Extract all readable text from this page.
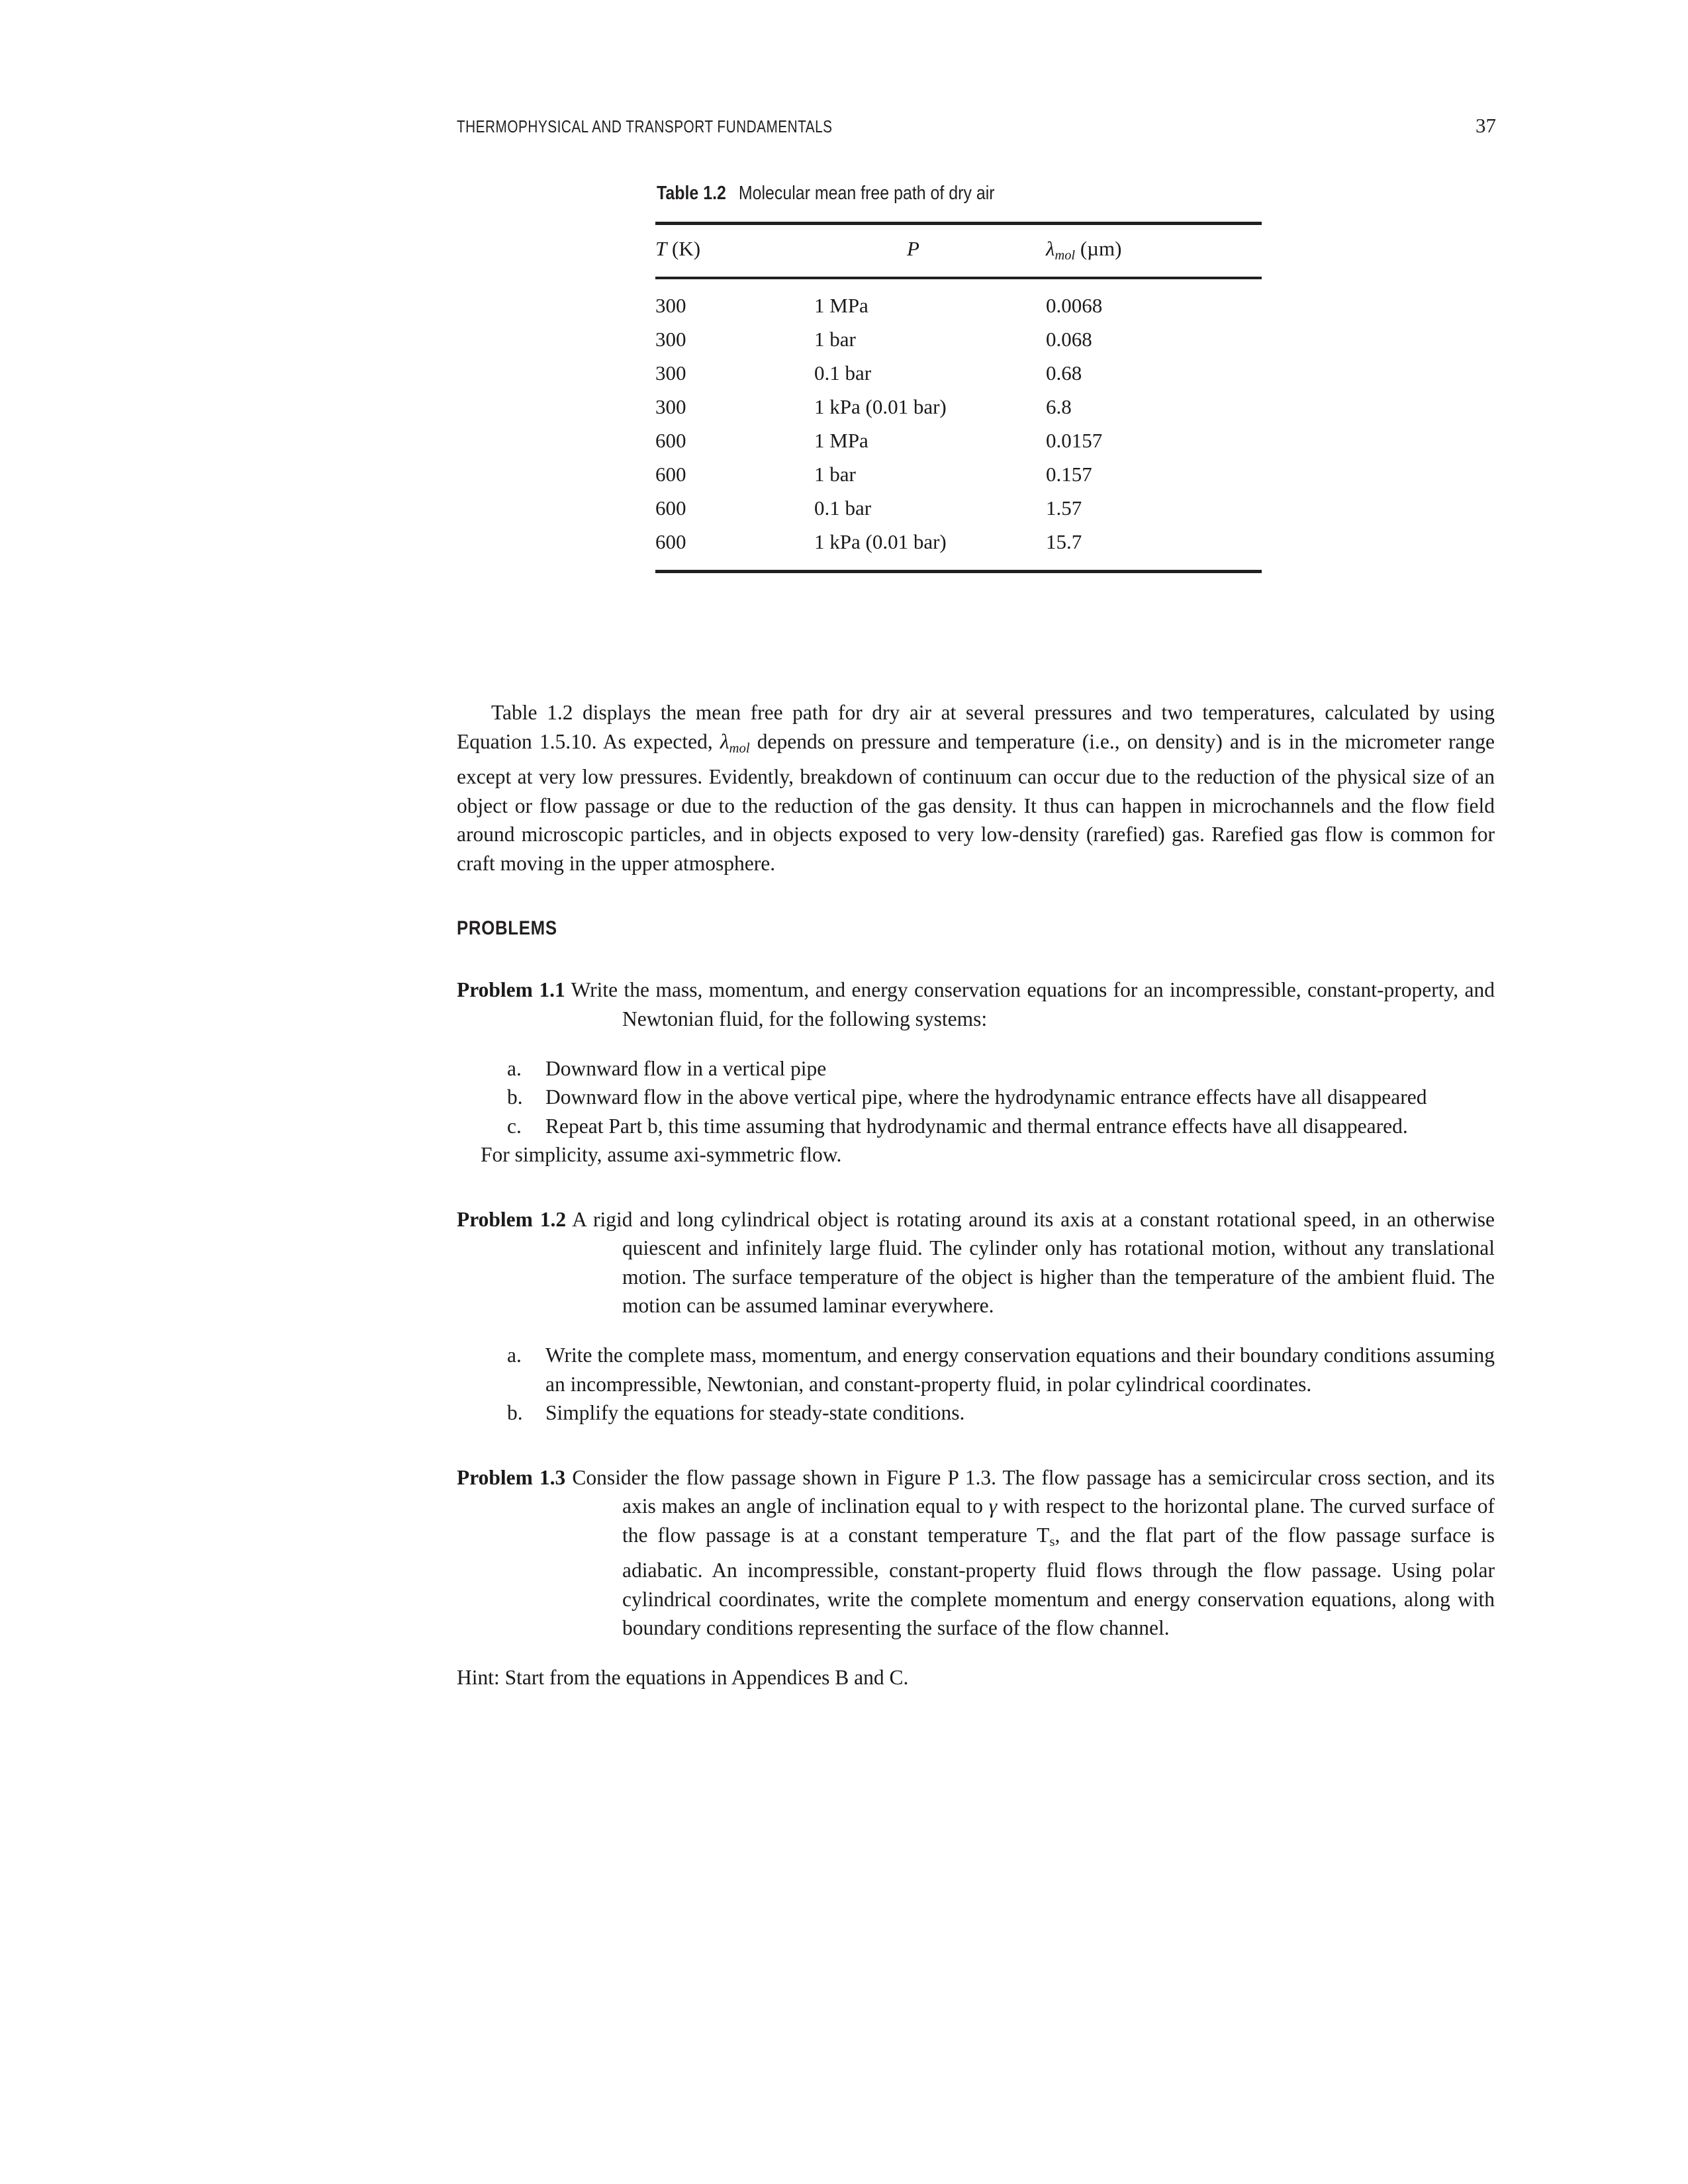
THERMOPHYSICAL AND TRANSPORT FUNDAMENTALS	37
Table 1.2 Molecular mean free path of dry air
T (K)	P	$\lambda_{mol}$ (µm)
300	1 MPa	0.0068
300	1 bar	0.068
300	0.1 bar	0.68
300	1 kPa (0.01 bar)	6.8
600	1 MPa	0.0157
600	1 bar	0.157
600	0.1 bar	1.57
600	1 kPa (0.01 bar)	15.7

Table 1.2 displays the mean free path for dry air at several pressures and two temperatures, calculated by using Equation 1.5.10. As expected, $\lambda_{mol}$ depends on pressure and temperature (i.e., on density) and is in the micrometer range except at very low pressures. Evidently, breakdown of continuum can occur due to the reduction of the physical size of an object or flow passage or due to the reduction of the gas density. It thus can happen in microchannels and the flow field around microscopic particles, and in objects exposed to very low-density (rarefied) gas. Rarefied gas flow is common for craft moving in the upper atmosphere.

PROBLEMS

Problem 1.1 Write the mass, momentum, and energy conservation equations for an incompressible, constant-property, and Newtonian fluid, for the following systems:

a. Downward flow in a vertical pipe
b. Downward flow in the above vertical pipe, where the hydrodynamic entrance effects have all disappeared
c. Repeat Part b, this time assuming that hydrodynamic and thermal entrance effects have all disappeared.

For simplicity, assume axi-symmetric flow.

Problem 1.2 A rigid and long cylindrical object is rotating around its axis at a constant rotational speed, in an otherwise quiescent and infinitely large fluid. The cylinder only has rotational motion, without any translational motion. The surface temperature of the object is higher than the temperature of the ambient fluid. The motion can be assumed laminar everywhere.

a. Write the complete mass, momentum, and energy conservation equations and their boundary conditions assuming an incompressible, Newtonian, and constant-property fluid, in polar cylindrical coordinates.
b. Simplify the equations for steady-state conditions.

Problem 1.3 Consider the flow passage shown in Figure P 1.3. The flow passage has a semicircular cross section, and its axis makes an angle of inclination equal to γ with respect to the horizontal plane. The curved surface of the flow passage is at a constant temperature Ts, and the flat part of the flow passage surface is adiabatic. An incompressible, constant-property fluid flows through the flow passage. Using polar cylindrical coordinates, write the complete momentum and energy conservation equations, along with boundary conditions representing the surface of the flow channel.

Hint: Start from the equations in Appendices B and C.
